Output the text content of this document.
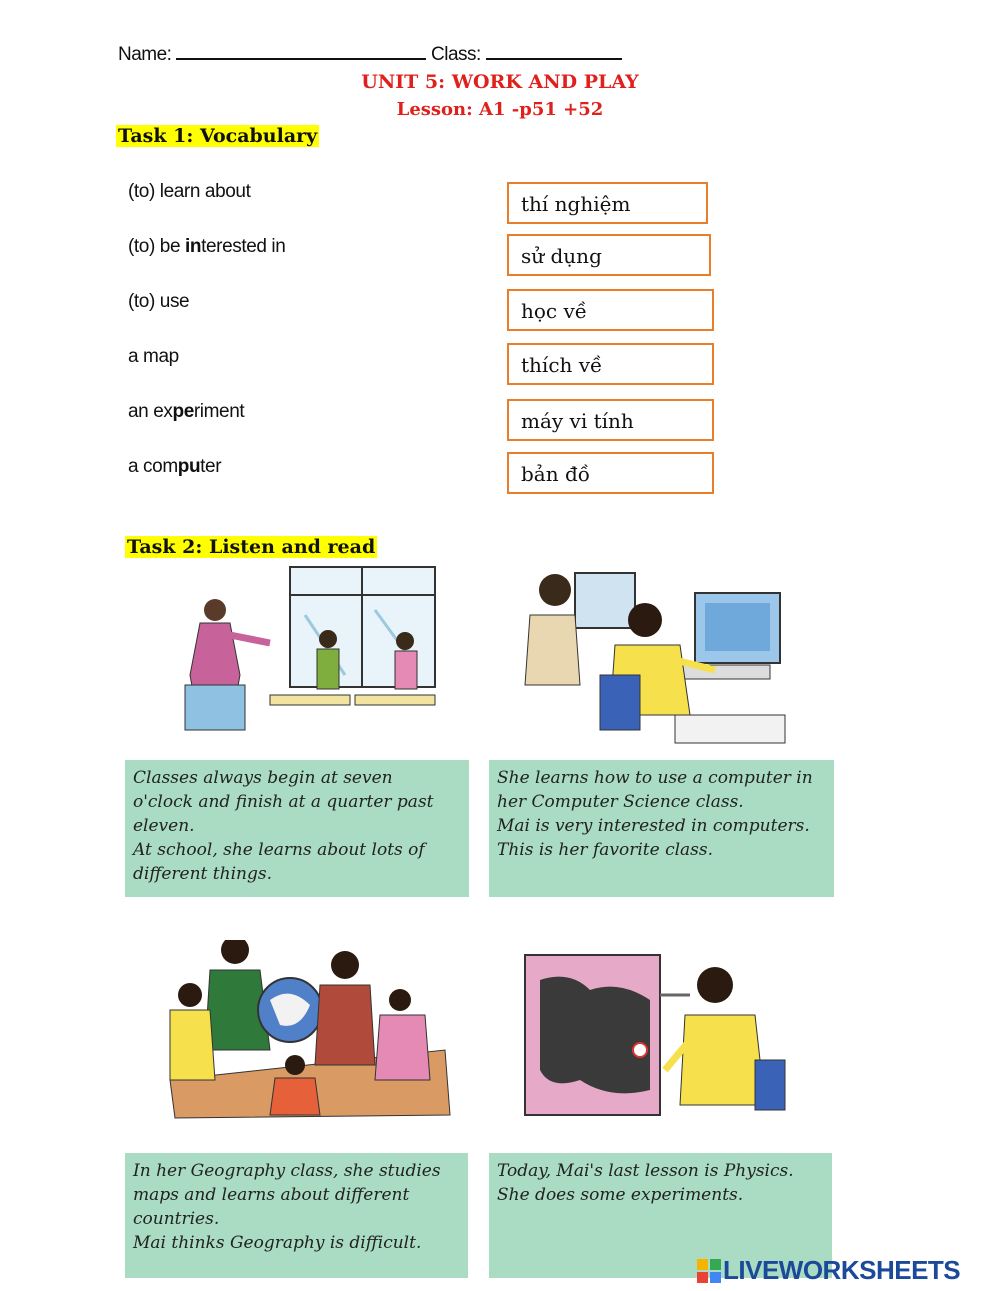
Name:	Class:
UNIT 5: WORK AND PLAY
Lesson: A1 -p51 +52
Task 1: Vocabulary
(to) learn about
(to) be interested in
(to) use
a map
an experiment
a computer
thí nghiệm
sử dụng
học về
thích về
máy vi tính
bản đồ
Task 2: Listen and read
Classes always begin at seven
o'clock and finish at a quarter past
eleven.
At school, she learns about lots of
different things.
She learns how to use a computer in
her Computer Science class.
Mai is very interested in computers.
This is her favorite class.
In her Geography class, she studies
maps and learns about different
countries.
Mai thinks Geography is difficult.
Today, Mai's last lesson is Physics.
She does some experiments.
LIVEWORKSHEETS
